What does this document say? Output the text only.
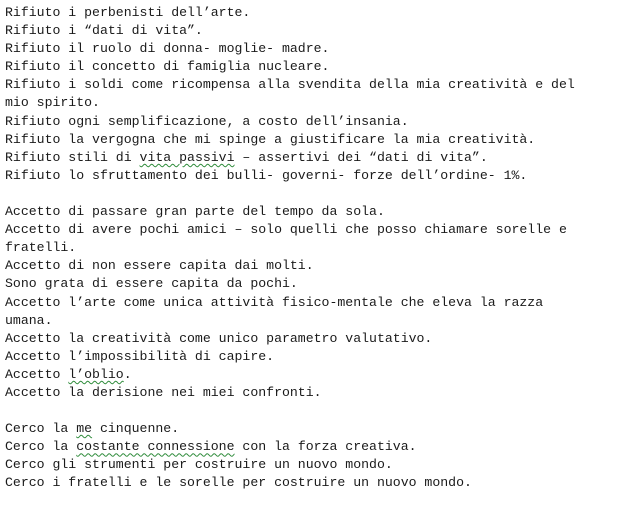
Rifiuto i perbenisti dell’arte.
Rifiuto i “dati di vita”.
Rifiuto il ruolo di donna- moglie- madre.
Rifiuto il concetto di famiglia nucleare.
Rifiuto i soldi come ricompensa alla svendita della mia creatività e del
mio spirito.
Rifiuto ogni semplificazione, a costo dell’insania.
Rifiuto la vergogna che mi spinge a giustificare la mia creatività.
Rifiuto stili di vita passivi – assertivi dei “dati di vita”.
Rifiuto lo sfruttamento dei bulli- governi- forze dell’ordine- 1%.
Accetto di passare gran parte del tempo da sola.
Accetto di avere pochi amici – solo quelli che posso chiamare sorelle e
fratelli.
Accetto di non essere capita dai molti.
Sono grata di essere capita da pochi.
Accetto l’arte come unica attività fisico-mentale che eleva la razza
umana.
Accetto la creatività come unico parametro valutativo.
Accetto l’impossibilità di capire.
Accetto l’oblio.
Accetto la derisione nei miei confronti.
Cerco la me cinquenne.
Cerco la costante connessione con la forza creativa.
Cerco gli strumenti per costruire un nuovo mondo.
Cerco i fratelli e le sorelle per costruire un nuovo mondo.
